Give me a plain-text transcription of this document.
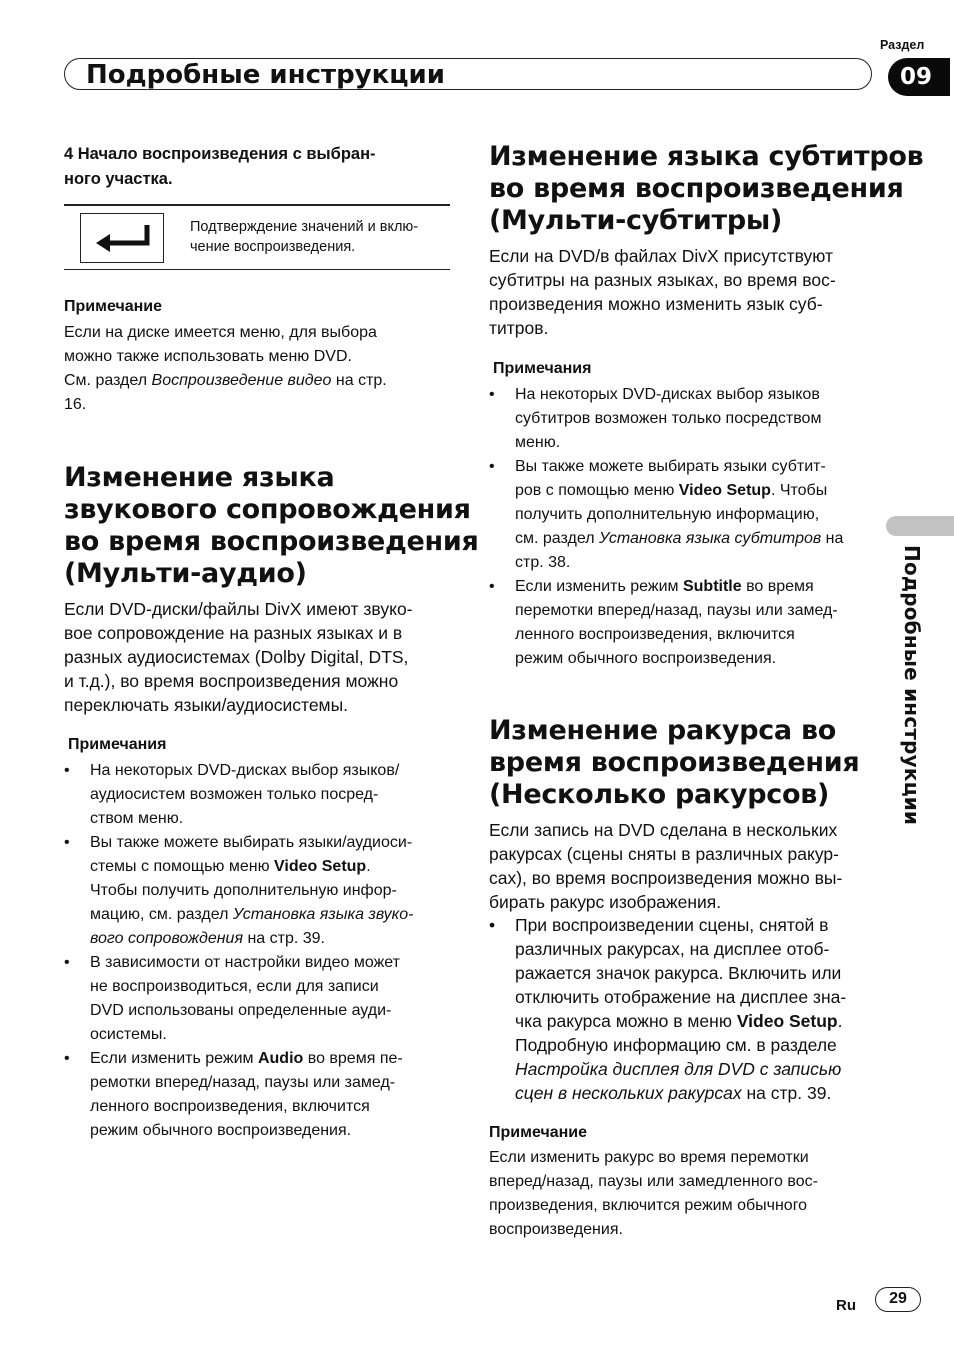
Подробные инструкции
Раздел
09
Подробные инструкции
4 Начало воспроизведения с выбран-
ного участка.
Подтверждение значений и вклю-
чение воспроизведения.
Примечание
Если на диске имеется меню, для выбора
можно также использовать меню DVD.
См. раздел Воспроизведение видео на стр.
16.
Изменение языка
звукового сопровождения
во время воспроизведения
(Мульти-аудио)
Если DVD-диски/файлы DivX имеют звуко-
вое сопровождение на разных языках и в
разных аудиосистемах (Dolby Digital, DTS,
и т.д.), во время воспроизведения можно
переключать языки/аудиосистемы.
Примечания
• На некоторых DVD-дисках выбор языков/
аудиосистем возможен только посред-
ством меню.
• Вы также можете выбирать языки/аудиоси-
стемы с помощью меню Video Setup.
Чтобы получить дополнительную инфор-
мацию, см. раздел Установка языка звуко-
вого сопровождения на стр. 39.
• В зависимости от настройки видео может
не воспроизводиться, если для записи
DVD использованы определенные ауди-
осистемы.
• Если изменить режим Audio во время пе-
ремотки вперед/назад, паузы или замед-
ленного воспроизведения, включится
режим обычного воспроизведения.
Изменение языка субтитров
во время воспроизведения
(Мульти-субтитры)
Если на DVD/в файлах DivX присутствуют
субтитры на разных языках, во время вос-
произведения можно изменить язык суб-
титров.
Примечания
• На некоторых DVD-дисках выбор языков
субтитров возможен только посредством
меню.
• Вы также можете выбирать языки субтит-
ров с помощью меню Video Setup. Чтобы
получить дополнительную информацию,
см. раздел Установка языка субтитров на
стр. 38.
• Если изменить режим Subtitle во время
перемотки вперед/назад, паузы или замед-
ленного воспроизведения, включится
режим обычного воспроизведения.
Изменение ракурса во
время воспроизведения
(Несколько ракурсов)
Если запись на DVD сделана в нескольких
ракурсах (сцены сняты в различных ракур-
сах), во время воспроизведения можно вы-
бирать ракурс изображения.
• При воспроизведении сцены, снятой в
различных ракурсах, на дисплее отоб-
ражается значок ракурса. Включить или
отключить отображение на дисплее зна-
чка ракурса можно в меню Video Setup.
Подробную информацию см. в разделе
Настройка дисплея для DVD с записью
сцен в нескольких ракурсах на стр. 39.
Примечание
Если изменить ракурс во время перемотки
вперед/назад, паузы или замедленного вос-
произведения, включится режим обычного
воспроизведения.
Ru	29
